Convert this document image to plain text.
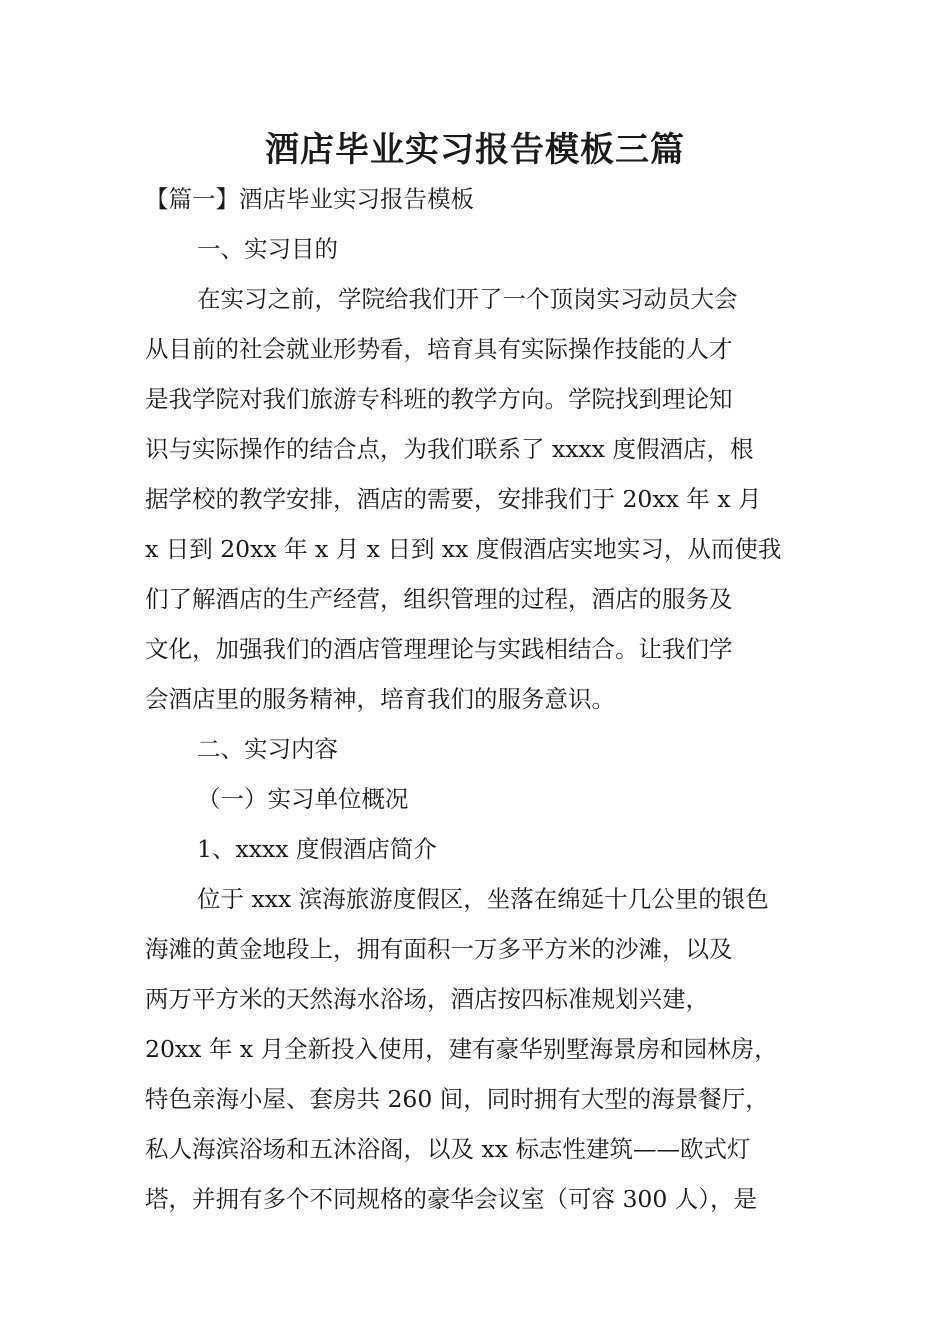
酒店毕业实习报告模板三篇

【篇一】酒店毕业实习报告模板

一、实习目的

在实习之前，学院给我们开了一个顶岗实习动员大会

从目前的社会就业形势看，培育具有实际操作技能的人才

是我学院对我们旅游专科班的教学方向。学院找到理论知

识与实际操作的结合点，为我们联系了 xxxx 度假酒店，根

据学校的教学安排，酒店的需要，安排我们于 20xx 年 x 月

x 日到 20xx 年 x 月 x 日到 xx 度假酒店实地实习，从而使我

们了解酒店的生产经营，组织管理的过程，酒店的服务及

文化，加强我们的酒店管理理论与实践相结合。让我们学

会酒店里的服务精神，培育我们的服务意识。

二、实习内容

（一）实习单位概况

1、xxxx 度假酒店简介

位于 xxx 滨海旅游度假区，坐落在绵延十几公里的银色

海滩的黄金地段上，拥有面积一万多平方米的沙滩，以及

两万平方米的天然海水浴场，酒店按四标准规划兴建，

20xx 年 x 月全新投入使用，建有豪华别墅海景房和园林房，

特色亲海小屋、套房共 260 间，同时拥有大型的海景餐厅，

私人海滨浴场和五沐浴阁，以及 xx 标志性建筑——欧式灯

塔，并拥有多个不同规格的豪华会议室（可容 300 人），是
